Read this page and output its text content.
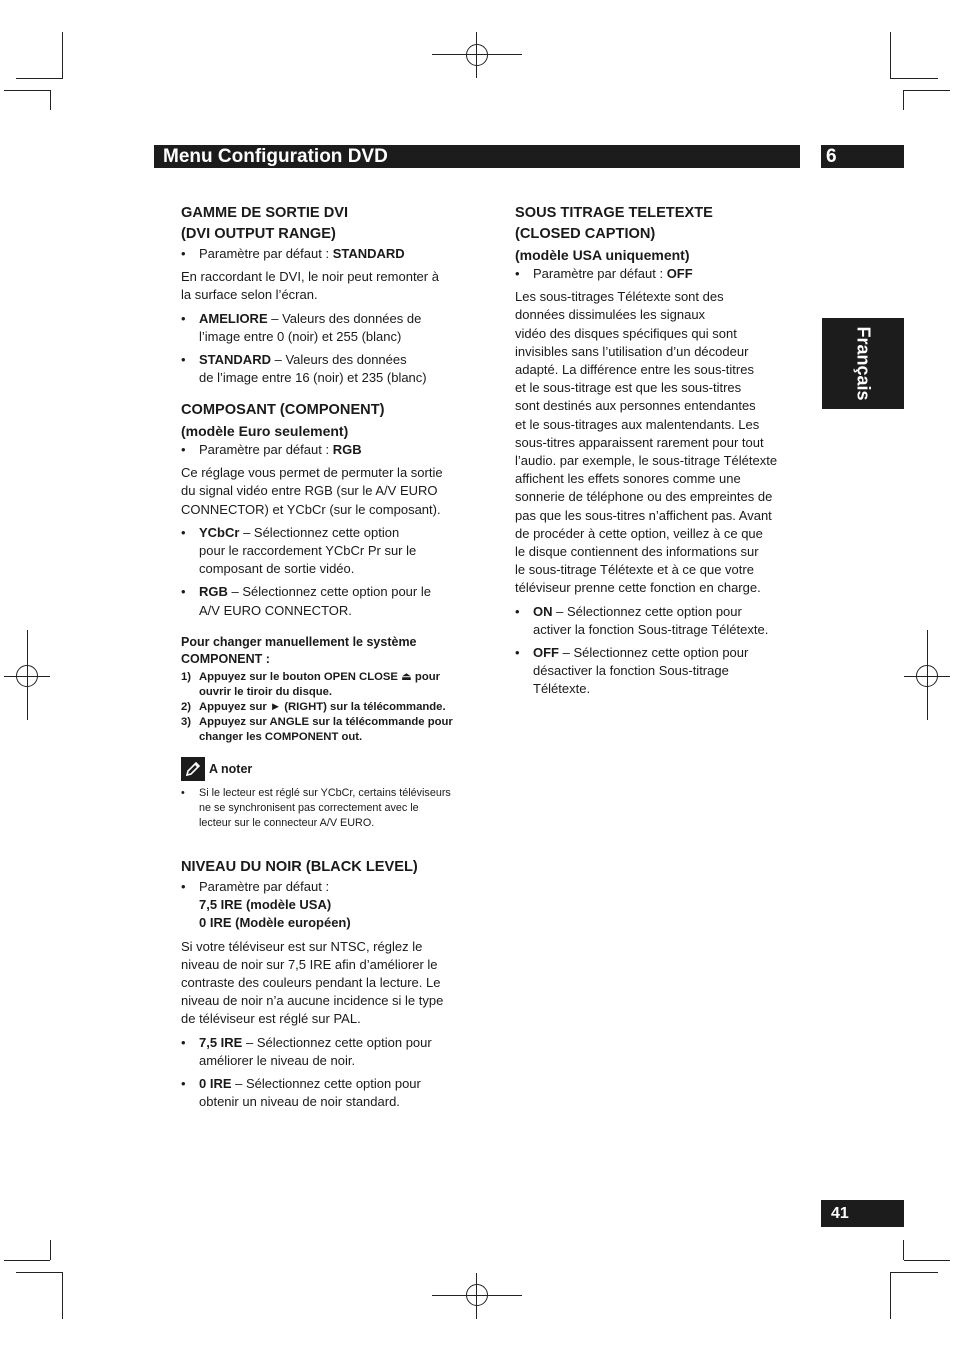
Menu Configuration DVD	6
Français
41

GAMME DE SORTIE DVI

(DVI OUTPUT RANGE)

• Paramètre par défaut : STANDARD

En raccordant le DVI, le noir peut remonter à
la surface selon l’écran.

• AMELIORE – Valeurs des données de
l’image entre 0 (noir) et 255 (blanc)

• STANDARD – Valeurs des données
de l’image entre 16 (noir) et 235 (blanc)

COMPOSANT (COMPONENT)

(modèle Euro seulement)

• Paramètre par défaut : RGB

Ce réglage vous permet de permuter la sortie
du signal vidéo entre RGB (sur le A/V EURO
CONNECTOR) et YCbCr (sur le composant).

• YCbCr – Sélectionnez cette option
pour le raccordement YCbCr Pr sur le
composant de sortie vidéo.

• RGB – Sélectionnez cette option pour le
A/V EURO CONNECTOR.

Pour changer manuellement le système
COMPONENT :

1) Appuyez sur le bouton OPEN CLOSE ⏏ pour
ouvrir le tiroir du disque.

2) Appuyez sur ► (RIGHT) sur la télécommande.

3) Appuyez sur ANGLE sur la télécommande pour
changer les COMPONENT out.

A noter

• Si le lecteur est réglé sur YCbCr, certains téléviseurs
ne se synchronisent pas correctement avec le
lecteur sur le connecteur A/V EURO.

NIVEAU DU NOIR (BLACK LEVEL)

• Paramètre par défaut :
7,5 IRE (modèle USA)
0 IRE (Modèle européen)

Si votre téléviseur est sur NTSC, réglez le
niveau de noir sur 7,5 IRE afin d’améliorer le
contraste des couleurs pendant la lecture. Le
niveau de noir n’a aucune incidence si le type
de téléviseur est réglé sur PAL.

• 7,5 IRE – Sélectionnez cette option pour
améliorer le niveau de noir.

• 0 IRE – Sélectionnez cette option pour
obtenir un niveau de noir standard.

SOUS TITRAGE TELETEXTE

(CLOSED CAPTION)

(modèle USA uniquement)

• Paramètre par défaut : OFF

Les sous-titrages Télétexte sont des
données dissimulées les signaux
vidéo des disques spécifiques qui sont
invisibles sans l’utilisation d’un décodeur
adapté. La différence entre les sous-titres
et le sous-titrage est que les sous-titres
sont destinés aux personnes entendantes
et le sous-titrages aux malentendants. Les
sous-titres apparaissent rarement pour tout
l’audio. par exemple, le sous-titrage Télétexte
affichent les effets sonores comme une
sonnerie de téléphone ou des empreintes de
pas que les sous-titres n’affichent pas. Avant
de procéder à cette option, veillez à ce que
le disque contiennent des informations sur
le sous-titrage Télétexte et à ce que votre
téléviseur prenne cette fonction en charge.

• ON – Sélectionnez cette option pour
activer la fonction Sous-titrage Télétexte.

• OFF – Sélectionnez cette option pour
désactiver la fonction Sous-titrage
Télétexte.
